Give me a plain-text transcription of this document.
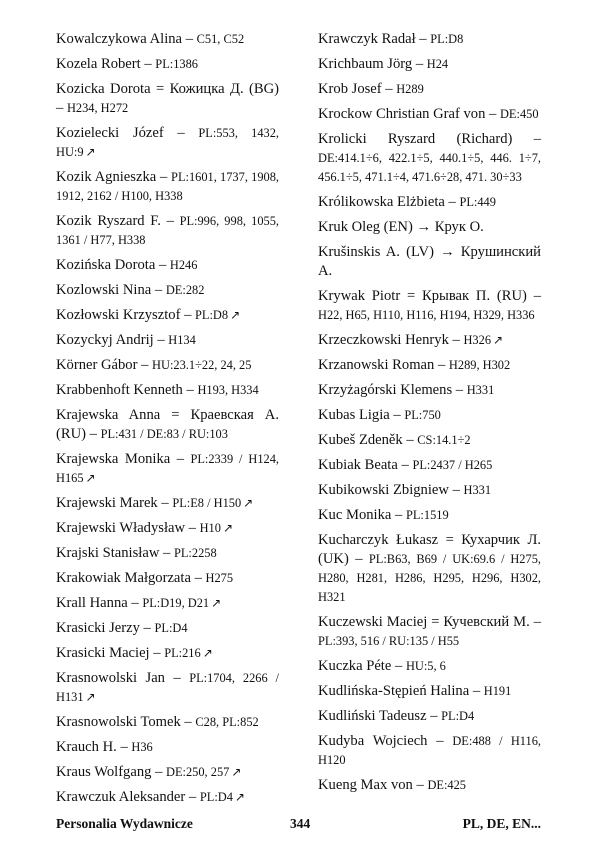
Kowalczykowa Alina – C51, C52
Kozela Robert – PL:1386
Kozicka Dorota = Кожицка Д. (BG) – H234, H272
Kozielecki Józef – PL:553, 1432, HU:9 ↗
Kozik Agnieszka – PL:1601, 1737, 1908, 1912, 2162 / H100, H338
Kozik Ryszard F. – PL:996, 998, 1055, 1361 / H77, H338
Kozińska Dorota – H246
Kozlowski Nina – DE:282
Kozłowski Krzysztof – PL:D8 ↗
Kozyckyj Andrij – H134
Körner Gábor – HU:23.1÷22, 24, 25
Krabbenhoft Kenneth – H193, H334
Krajewska Anna = Краевская А. (RU) – PL:431 / DE:83 / RU:103
Krajewska Monika – PL:2339 / H124, H165 ↗
Krajewski Marek – PL:E8 / H150 ↗
Krajewski Władysław – H10 ↗
Krajski Stanisław – PL:2258
Krakowiak Małgorzata – H275
Krall Hanna – PL:D19, D21 ↗
Krasicki Jerzy – PL:D4
Krasicki Maciej – PL:216 ↗
Krasnowolski Jan – PL:1704, 2266 / H131 ↗
Krasnowolski Tomek – C28, PL:852
Krauch H. – H36
Kraus Wolfgang – DE:250, 257 ↗
Krawczuk Aleksander – PL:D4 ↗
Krawczyk Radał – PL:D8
Krichbaum Jörg – H24
Krob Josef – H289
Krockow Christian Graf von – DE:450
Krolicki Ryszard (Richard) – DE:414.1÷6, 422.1÷5, 440.1÷5, 446. 1÷7, 456.1÷5, 471.1÷4, 471.6÷28, 471. 30÷33
Królikowska Elżbieta – PL:449
Kruk Oleg (EN) → Крук О.
Krušinskis A. (LV) → Крушинский А.
Krywak Piotr = Крывак П. (RU) – H22, H65, H110, H116, H194, H329, H336
Krzeczkowski Henryk – H326 ↗
Krzanowski Roman – H289, H302
Krzyżagórski Klemens – H331
Kubas Ligia – PL:750
Kubeš Zdeněk – CS:14.1÷2
Kubiak Beata – PL:2437 / H265
Kubikowski Zbigniew – H331
Kuc Monika – PL:1519
Kucharczyk Łukasz = Кухарчик Л. (UK) – PL:B63, B69 / UK:69.6 / H275, H280, H281, H286, H295, H296, H302, H321
Kuczewski Maciej = Кучевский М. – PL:393, 516 / RU:135 / H55
Kuczka Péte – HU:5, 6
Kudlińska-Stępień Halina – H191
Kudliński Tadeusz – PL:D4
Kudyba Wojciech – DE:488 / H116, H120
Kueng Max von – DE:425
Personalia Wydawnicze	344	PL, DE, EN...
